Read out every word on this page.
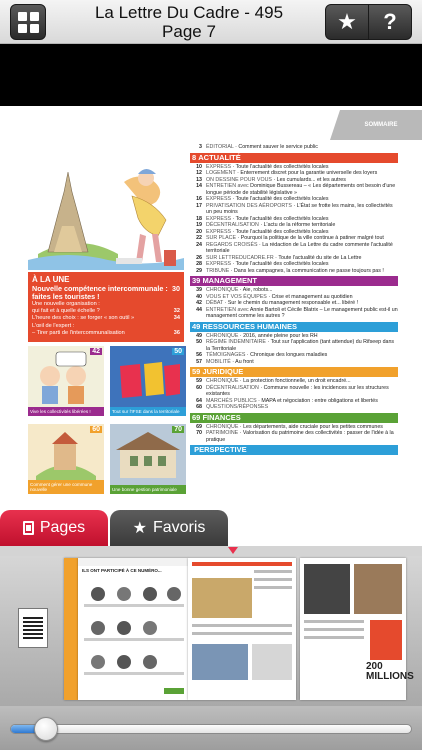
La Lettre Du Cadre - 495
Page 7	★ ?
SOMMAIRE
À LA UNE
Nouvelle compétence intercommunale : faites les touristes !
30
Une nouvelle organisation :
qui fait et à quelle échelle ?	32
L'heure des choix : se forger « son outil »	34
L'œil de l'expert :
– Tirer parti de l'intercommunalisation	36
42
Vive les collectivités libérées !
50
Tout sur l'IFSE dans la territoriale
60
Comment gérer une commune nouvelle
70
Une bonne gestion patrimoniale
3 ÉDITORIAL · Comment sauver le service public
8 ACTUALITÉ
10 EXPRESS · Toute l'actualité des collectivités locales
12 LOGEMENT · Enterrement discret pour la garantie universelle des loyers
13 ON DESSINE POUR VOUS · Les cumulards... et les autres
14 ENTRETIEN avec Dominique Bussereau – « Les départements ont besoin d'une longue période de stabilité législative »
16 EXPRESS · Toute l'actualité des collectivités locales
17 PRIVATISATION DES AÉROPORTS · L'État se frotte les mains, les collectivités un peu moins
18 EXPRESS · Toute l'actualité des collectivités locales
19 DÉCENTRALISATION · L'actu de la réforme territoriale
20 EXPRESS · Toute l'actualité des collectivités locales
22 SUR PLACE · Pourquoi la politique de la ville continue à patiner malgré tout
24 REGARDS CROISÉS · La rédaction de La Lettre du cadre commente l'actualité territoriale
26 SUR LETTREDUCADRE.FR · Toute l'actualité du site de La Lettre
28 EXPRESS · Toute l'actualité des collectivités locales
29 TRIBUNE · Dans les campagnes, la communication ne passe toujours pas !
39 MANAGEMENT
39 CHRONIQUE · Aie, robots...
40 VOUS ET VOS ÉQUIPES · Crise et management au quotidien
42 DÉBAT · Sur le chemin du management responsable et... libéré !
44 ENTRETIEN avec Annie Bartoli et Cécile Blatrix – Le management public est-il un management comme les autres ?
49 RESSOURCES HUMAINES
49 CHRONIQUE · 2016, année pleine pour les RH
50 RÉGIME INDEMNITAIRE · Tout sur l'application (tant attendue) du Rifseep dans la Territoriale
56 TÉMOIGNAGES · Chronique des longues maladies
57 MOBILITÉ · Au front
59 JURIDIQUE
59 CHRONIQUE · La protection fonctionnelle, un droit encadré...
60 DÉCENTRALISATION · Commune nouvelle : les incidences sur les structures existantes
64 MARCHÉS PUBLICS · MAPA et négociation : entre obligations et libertés
68 QUESTIONS/RÉPONSES
69 FINANCES
69 CHRONIQUE · Les départements, aide cruciale pour les petites communes
70 PATRIMOINE · Valorisation du patrimoine des collectivités : passer de l'idée à la pratique
PERSPECTIVE
Pages	★ Favoris
ILS ONT PARTICIPÉ À CE NUMÉRO...
200 MILLIONS
